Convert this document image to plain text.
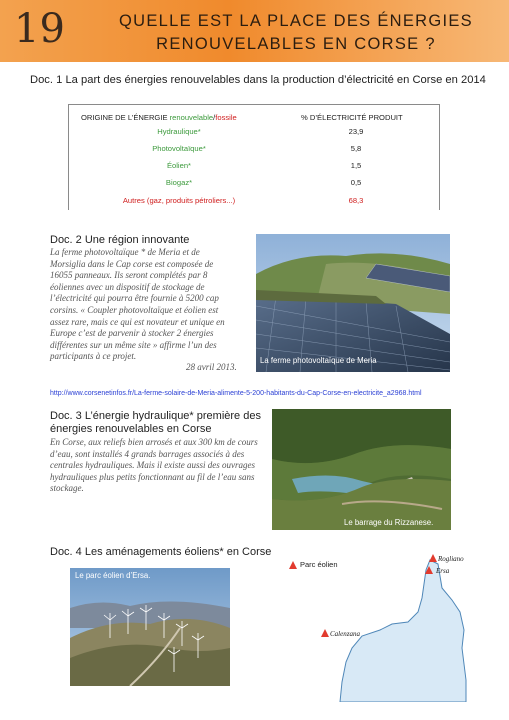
19	QUELLE EST LA PLACE DES ÉNERGIES
RENOUVELABLES EN CORSE ?
Doc. 1 La part des énergies renouvelables dans la production d’électricité en Corse en 2014
ORIGINE DE L’ÉNERGIE renouvelable/fossile	% D’ÉLECTRICITÉ PRODUIT
Hydraulique*	23,9
Photovoltaïque*	5,8
Éolien*	1,5
Biogaz*	0,5
Autres (gaz, produits pétroliers...)	68,3
Doc. 2 Une région innovante
La ferme photovoltaïque * de Meria et de
Morsiglia dans le Cap corse est composée de
16055 panneaux. Ils seront complétés par 8
éoliennes avec un dispositif de stockage de
l’électricité qui pourra être fournie à 5200 cap
corsins. « Coupler photovoltaïque et éolien est
assez rare, mais ce qui est novateur et unique en
Europe c’est de parvenir à stocker 2 énergies
différentes sur un même site » affirme l’un des
participants à ce projet.
28 avril 2013.
La ferme photovoltaïque de Meria
http://www.corsenetinfos.fr/La-ferme-solaire-de-Meria-alimente-5-200-habitants-du-Cap-Corse-en-electricite_a2968.html
Doc. 3 L’énergie hydraulique* première des
énergies renouvelables en Corse
En Corse, aux reliefs bien arrosés et aux 300 km de cours
d’eau, sont installés 4 grands barrages associés à des
centrales hydrauliques. Mais il existe aussi des ouvrages
hydrauliques plus petits fonctionnant au fil de l’eau sans
stockage.
Le barrage du Rizzanese.
Doc. 4 Les aménagements éoliens* en Corse
Le parc éolien d’Ersa.
Parc éolien
Rogliano
Ersa
Calenzana
